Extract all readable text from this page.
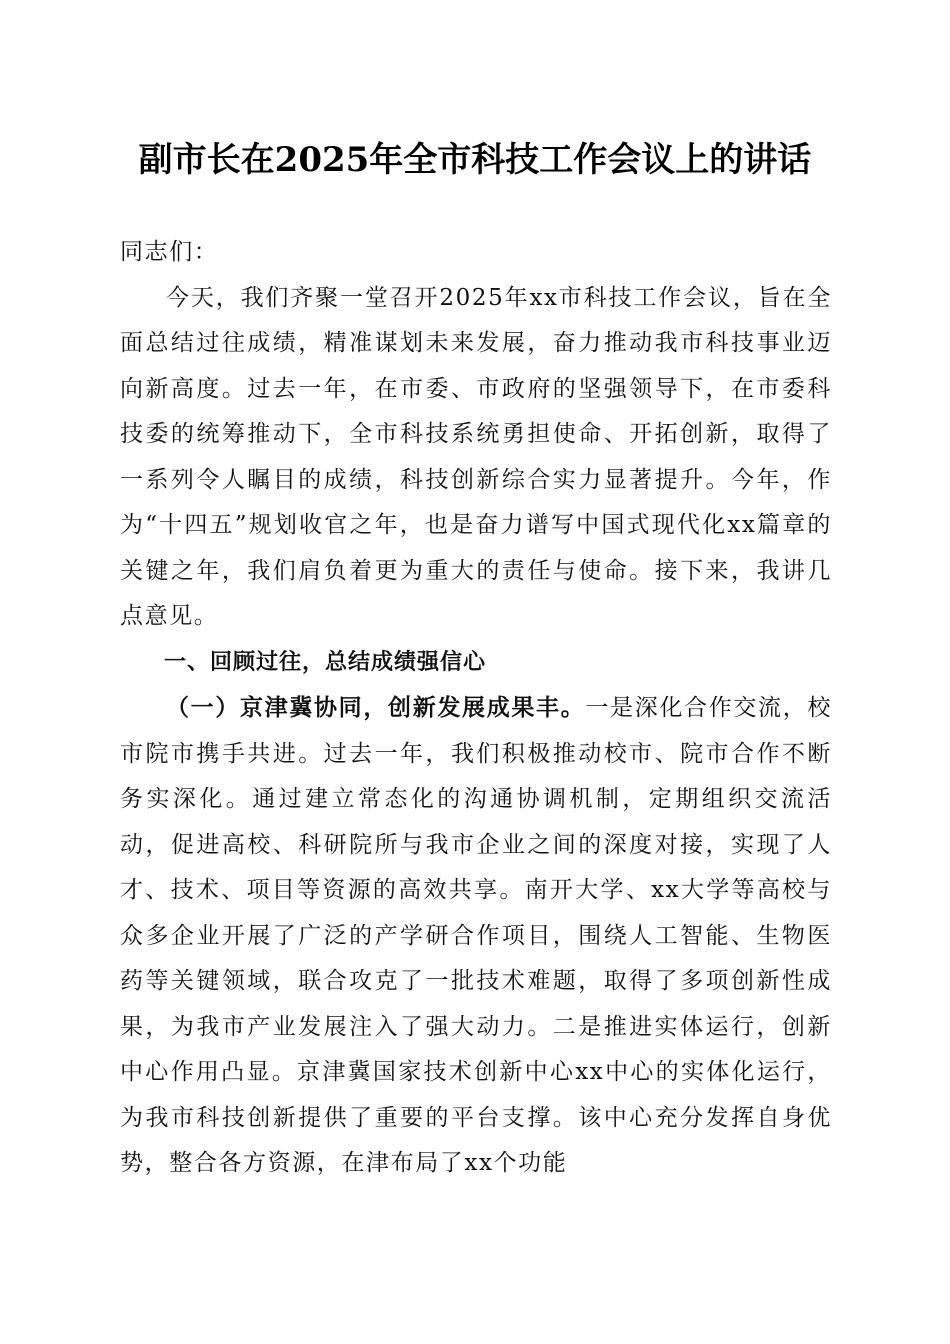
副市长在2025年全市科技工作会议上的讲话

同志们：

今天，我们齐聚一堂召开2025年xx市科技工作会议，旨在全面总结过往成绩，精准谋划未来发展，奋力推动我市科技事业迈向新高度。过去一年，在市委、市政府的坚强领导下，在市委科技委的统筹推动下，全市科技系统勇担使命、开拓创新，取得了一系列令人瞩目的成绩，科技创新综合实力显著提升。今年，作为“十四五”规划收官之年，也是奋力谱写中国式现代化xx篇章的关键之年，我们肩负着更为重大的责任与使命。接下来，我讲几点意见。

一、回顾过往，总结成绩强信心

（一）京津冀协同，创新发展成果丰。一是深化合作交流，校市院市携手共进。过去一年，我们积极推动校市、院市合作不断务实深化。通过建立常态化的沟通协调机制，定期组织交流活动，促进高校、科研院所与我市企业之间的深度对接，实现了人才、技术、项目等资源的高效共享。南开大学、xx大学等高校与众多企业开展了广泛的产学研合作项目，围绕人工智能、生物医药等关键领域，联合攻克了一批技术难题，取得了多项创新性成果，为我市产业发展注入了强大动力。二是推进实体运行，创新中心作用凸显。京津冀国家技术创新中心xx中心的实体化运行，为我市科技创新提供了重要的平台支撑。该中心充分发挥自身优势，整合各方资源，在津布局了xx个功能
